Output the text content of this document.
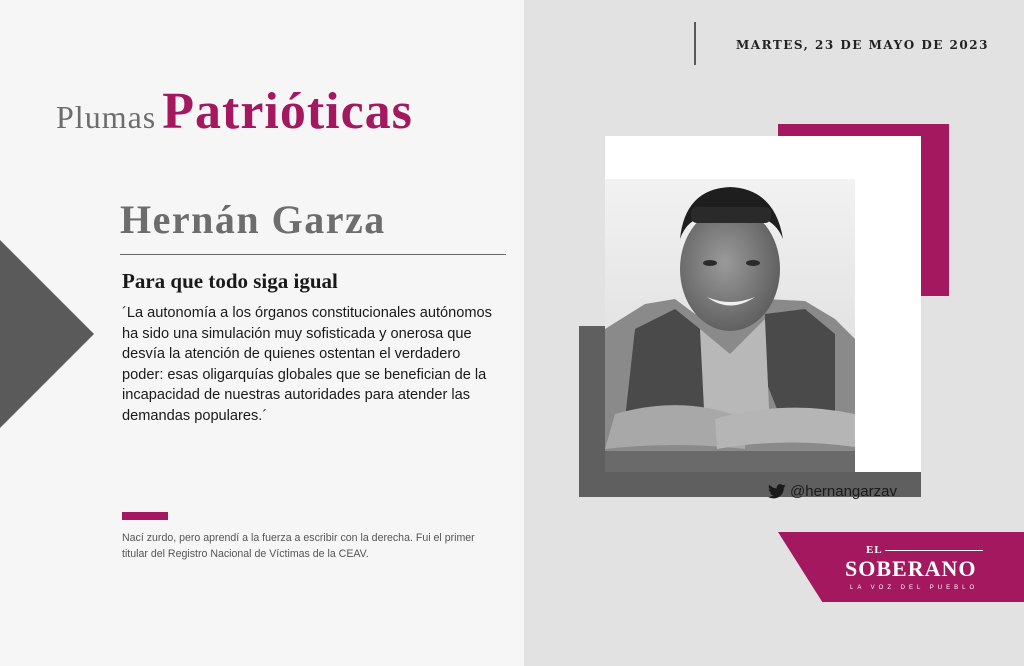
MARTES, 23 DE MAYO DE 2023
Plumas Patrióticas
Hernán Garza
Para que todo siga igual
´La autonomía a los órganos constitucionales autónomos ha sido una simulación muy sofisticada y onerosa que desvía la atención de quienes ostentan el verdadero poder: esas oligarquías globales que se benefician de la incapacidad de nuestras autoridades para atender las demandas populares.´
Nací zurdo, pero aprendí a la fuerza a escribir con la derecha. Fui el primer titular del Registro Nacional de Víctimas de la CEAV.
@hernangarzav
EL
SOBERANO
LA VOZ DEL PUEBLO
